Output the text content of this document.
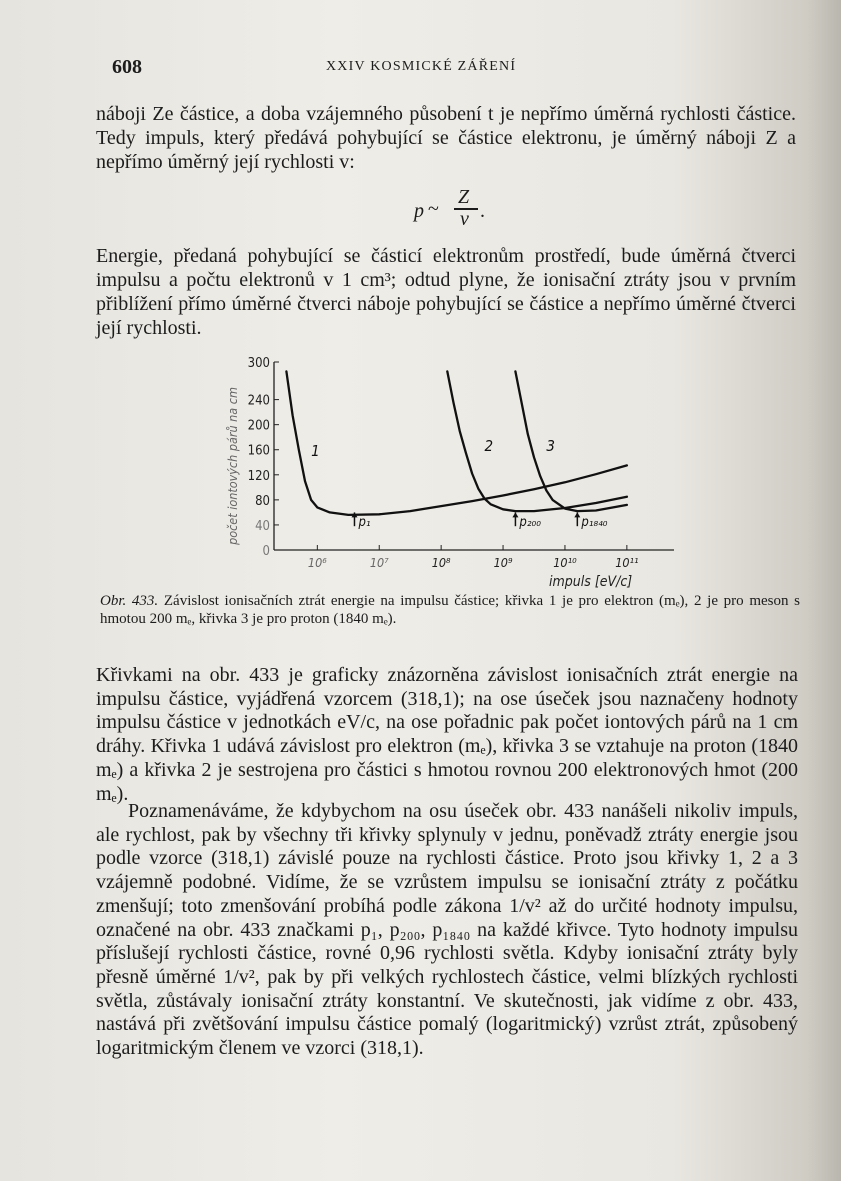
608	XXIV KOSMICKÉ ZÁŘENÍ

náboji Ze částice, a doba vzájemného působení t je nepřímo úměrná rychlosti částice. Tedy impuls, který předává pohybující se částice elektronu, je úměrný náboji Z a nepřímo úměrný její rychlosti v:

p ~
Z
v .

Energie, předaná pohybující se částicí elektronům prostředí, bude úměrná čtverci impulsu a počtu elektronů v 1 cm³; odtud plyne, že ionisační ztráty jsou v prvním přiblížení přímo úměrné čtverci náboje pohybující se částice a nepřímo úměrné čtverci její rychlosti.

0
40
80
120
160
200
240
300
10⁶	10⁷	10⁸	10⁹	10¹⁰	10¹¹
impuls [eV/c]
počet iontových párů na cm	1	2	3
p₁	p₂₀₀	p₁₈₄₀

Obr. 433. Závislost ionisačních ztrát energie na impulsu částice; křivka 1 je pro elektron (mₑ), 2 je pro meson s hmotou 200 mₑ, křivka 3 je pro proton (1840 mₑ).

Křivkami na obr. 433 je graficky znázorněna závislost ionisačních ztrát energie na impulsu částice, vyjádřená vzorcem (318,1); na ose úseček jsou naznačeny hodnoty impulsu částice v jednotkách eV/c, na ose pořadnic pak počet iontových párů na 1 cm dráhy. Křivka 1 udává závislost pro elektron (mₑ), křivka 3 se vztahuje na proton (1840 mₑ) a křivka 2 je sestrojena pro částici s hmotou rovnou 200 elektronových hmot (200 mₑ).

Poznamenáváme, že kdybychom na osu úseček obr. 433 nanášeli nikoliv impuls, ale rychlost, pak by všechny tři křivky splynuly v jednu, poněvadž ztráty energie jsou podle vzorce (318,1) závislé pouze na rychlosti částice. Proto jsou křivky 1, 2 a 3 vzájemně podobné. Vidíme, že se vzrůstem impulsu se ionisační ztráty z počátku zmenšují; toto zmenšování probíhá podle zákona 1/v² až do určité hodnoty impulsu, označené na obr. 433 značkami p₁, p₂₀₀, p₁₈₄₀ na každé křivce. Tyto hodnoty impulsu příslušejí rychlosti částice, rovné 0,96 rychlosti světla. Kdyby ionisační ztráty byly přesně úměrné 1/v², pak by při velkých rychlostech částice, velmi blízkých rychlosti světla, zůstávaly ionisační ztráty konstantní. Ve skutečnosti, jak vidíme z obr. 433, nastává při zvětšování impulsu částice pomalý (logaritmický) vzrůst ztrát, způsobený logaritmickým členem ve vzorci (318,1).
